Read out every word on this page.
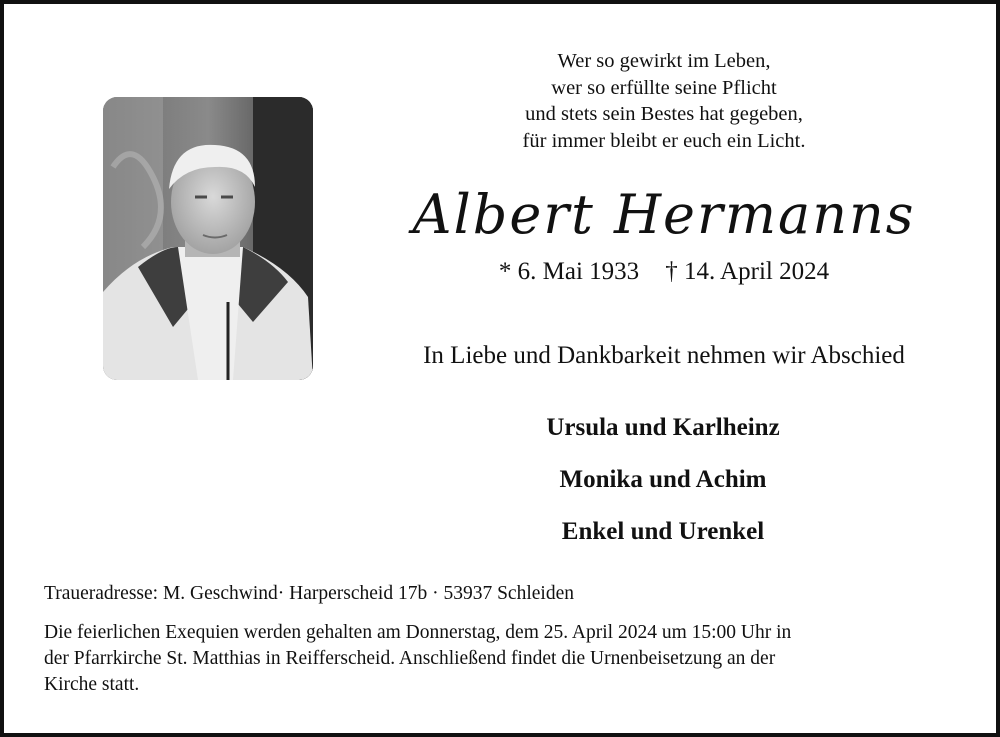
Wer so gewirkt im Leben,
wer so erfüllte seine Pflicht
und stets sein Bestes hat gegeben,
für immer bleibt er euch ein Licht.
Albert Hermanns
* 6. Mai 1933 † 14. April 2024
In Liebe und Dankbarkeit nehmen wir Abschied
Ursula und Karlheinz
Monika und Achim
Enkel und Urenkel
Traueradresse: M. Geschwind· Harperscheid 17b · 53937 Schleiden
Die feierlichen Exequien werden gehalten am Donnerstag, dem 25. April 2024 um 15:00 Uhr in
der Pfarrkirche St. Matthias in Reifferscheid. Anschließend findet die Urnenbeisetzung an der
Kirche statt.
